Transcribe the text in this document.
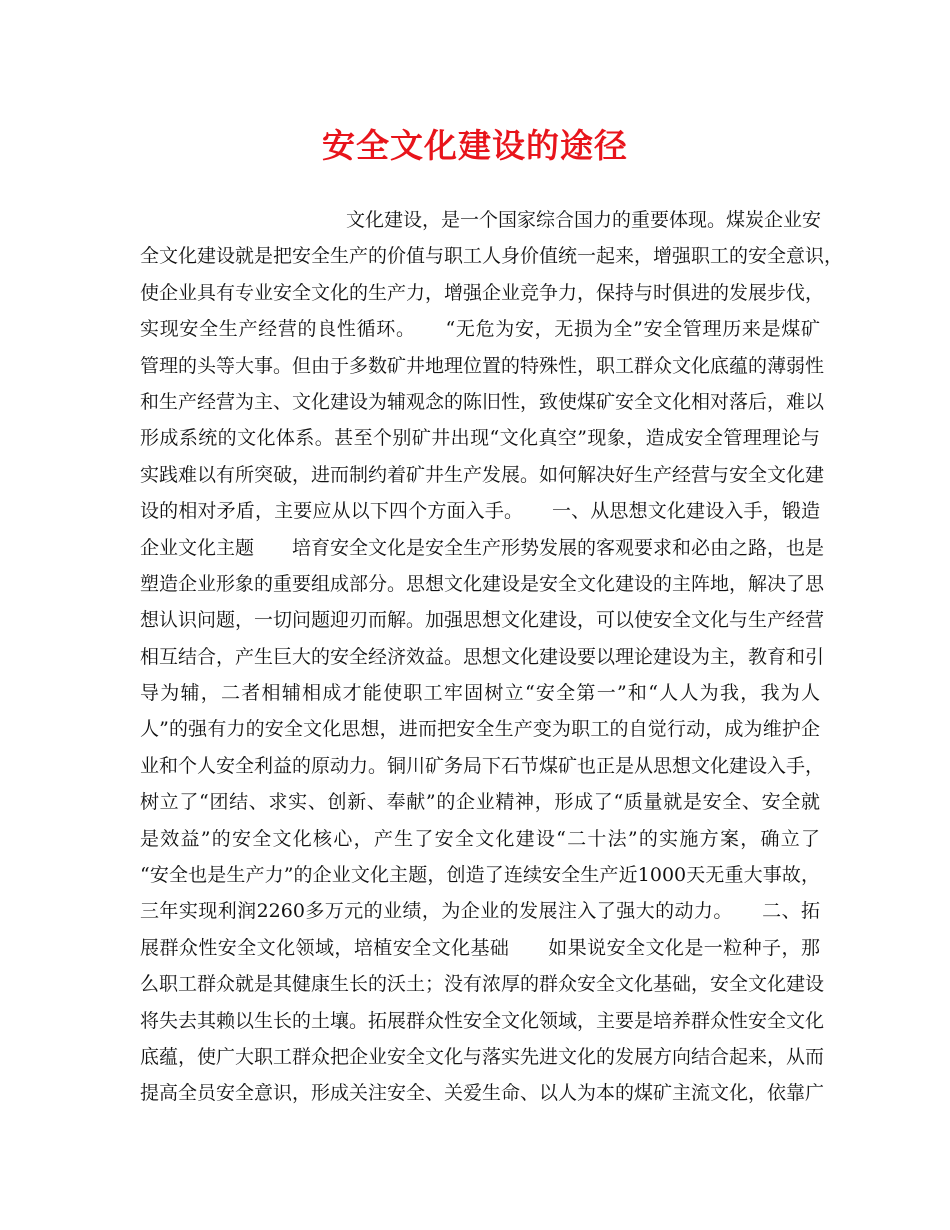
安全文化建设的途径
文化建设，是一个国家综合国力的重要体现。煤炭企业安
全文化建设就是把安全生产的价值与职工人身价值统一起来，增强职工的安全意识，
使企业具有专业安全文化的生产力，增强企业竞争力，保持与时俱进的发展步伐，
实现安全生产经营的良性循环。　　“无危为安，无损为全”安全管理历来是煤矿
管理的头等大事。但由于多数矿井地理位置的特殊性，职工群众文化底蕴的薄弱性
和生产经营为主、文化建设为辅观念的陈旧性，致使煤矿安全文化相对落后，难以
形成系统的文化体系。甚至个别矿井出现“文化真空”现象，造成安全管理理论与
实践难以有所突破，进而制约着矿井生产发展。如何解决好生产经营与安全文化建
设的相对矛盾，主要应从以下四个方面入手。　　一、从思想文化建设入手，锻造
企业文化主题　　培育安全文化是安全生产形势发展的客观要求和必由之路，也是
塑造企业形象的重要组成部分。思想文化建设是安全文化建设的主阵地，解决了思
想认识问题，一切问题迎刃而解。加强思想文化建设，可以使安全文化与生产经营
相互结合，产生巨大的安全经济效益。思想文化建设要以理论建设为主，教育和引
导为辅，二者相辅相成才能使职工牢固树立“安全第一”和“人人为我，我为人
人”的强有力的安全文化思想，进而把安全生产变为职工的自觉行动，成为维护企
业和个人安全利益的原动力。铜川矿务局下石节煤矿也正是从思想文化建设入手，
树立了“团结、求实、创新、奉献”的企业精神，形成了“质量就是安全、安全就
是效益”的安全文化核心，产生了安全文化建设“二十法”的实施方案，确立了
“安全也是生产力”的企业文化主题，创造了连续安全生产近1000天无重大事故，
三年实现利润2260多万元的业绩，为企业的发展注入了强大的动力。　　二、拓
展群众性安全文化领域，培植安全文化基础　　如果说安全文化是一粒种子，那
么职工群众就是其健康生长的沃土；没有浓厚的群众安全文化基础，安全文化建设
将失去其赖以生长的土壤。拓展群众性安全文化领域，主要是培养群众性安全文化
底蕴，使广大职工群众把企业安全文化与落实先进文化的发展方向结合起来，从而
提高全员安全意识，形成关注安全、关爱生命、以人为本的煤矿主流文化，依靠广
